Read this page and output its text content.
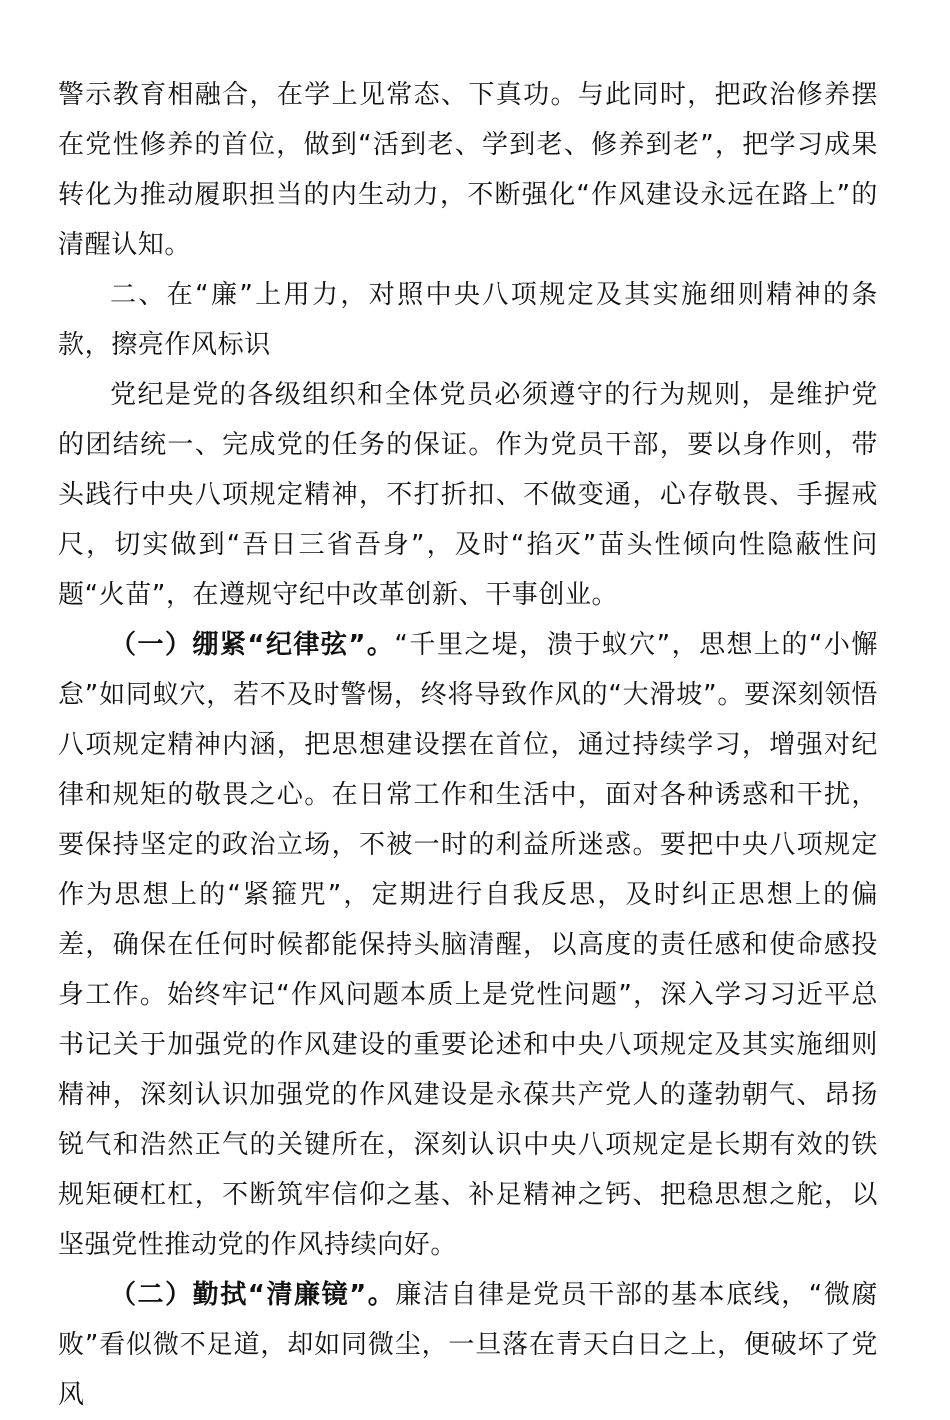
警示教育相融合，在学上见常态、下真功。与此同时，把政治修养摆在党性修养的首位，做到“活到老、学到老、修养到老”，把学习成果转化为推动履职担当的内生动力，不断强化“作风建设永远在路上”的清醒认知。

二、在“廉”上用力，对照中央八项规定及其实施细则精神的条款，擦亮作风标识

党纪是党的各级组织和全体党员必须遵守的行为规则，是维护党的团结统一、完成党的任务的保证。作为党员干部，要以身作则，带头践行中央八项规定精神，不打折扣、不做变通，心存敬畏、手握戒尺，切实做到“吾日三省吾身”，及时“掐灭”苗头性倾向性隐蔽性问题“火苗”，在遵规守纪中改革创新、干事创业。

（一）绷紧“纪律弦”。“千里之堤，溃于蚁穴”，思想上的“小懈怠”如同蚁穴，若不及时警惕，终将导致作风的“大滑坡”。要深刻领悟八项规定精神内涵，把思想建设摆在首位，通过持续学习，增强对纪律和规矩的敬畏之心。在日常工作和生活中，面对各种诱惑和干扰，要保持坚定的政治立场，不被一时的利益所迷惑。要把中央八项规定作为思想上的“紧箍咒”，定期进行自我反思，及时纠正思想上的偏差，确保在任何时候都能保持头脑清醒，以高度的责任感和使命感投身工作。始终牢记“作风问题本质上是党性问题”，深入学习习近平总书记关于加强党的作风建设的重要论述和中央八项规定及其实施细则精神，深刻认识加强党的作风建设是永葆共产党人的蓬勃朝气、昂扬锐气和浩然正气的关键所在，深刻认识中央八项规定是长期有效的铁规矩硬杠杠，不断筑牢信仰之基、补足精神之钙、把稳思想之舵，以坚强党性推动党的作风持续向好。

（二）勤拭“清廉镜”。廉洁自律是党员干部的基本底线，“微腐败”看似微不足道，却如同微尘，一旦落在青天白日之上，便破坏了党风
